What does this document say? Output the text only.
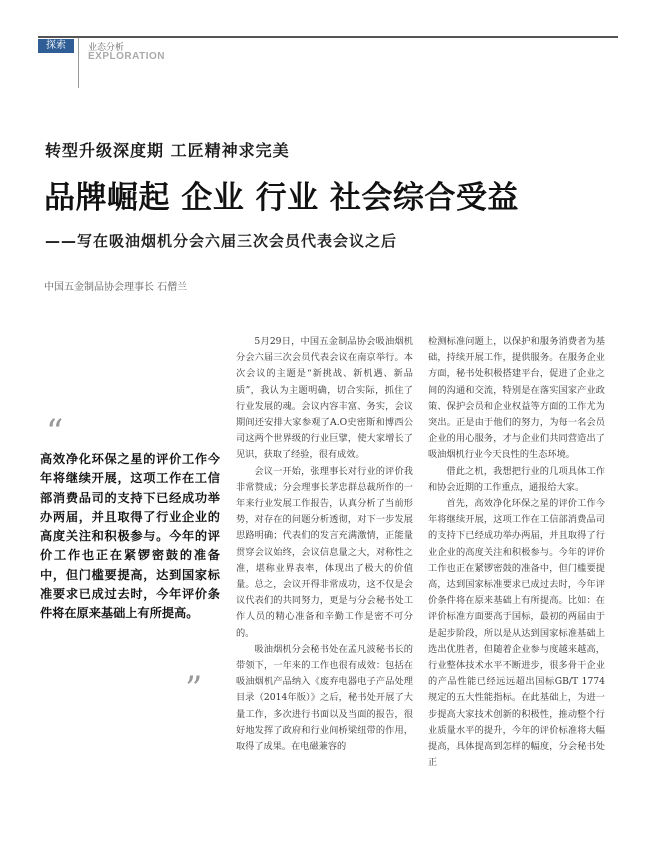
探索	业态分析
EXPLORATION
转型升级深度期 工匠精神求完美
品牌崛起 企业 行业 社会综合受益
——写在吸油烟机分会六届三次会员代表会议之后
中国五金制品协会理事长 石僧兰
“

高效净化环保之星的评价工作今年将继续开展，这项工作在工信部消费品司的支持下已经成功举办两届，并且取得了行业企业的高度关注和积极参与。今年的评价工作也正在紧锣密鼓的准备中，但门槛要提高，达到国家标准要求已成过去时，今年评价条件将在原来基础上有所提高。

”

5月29日，中国五金制品协会吸油烟机分会六届三次会员代表会议在南京举行。本次会议的主题是“新挑战、新机遇、新品质”，我认为主题明确，切合实际，抓住了行业发展的魂。会议内容丰富、务实，会议期间还安排大家参观了A.O史密斯和博西公司这两个世界级的行业巨擘，使大家增长了见识，获取了经验，很有成效。

会议一开始，张理事长对行业的评价我非常赞成；分会理事长茅忠群总裁所作的一年来行业发展工作报告，认真分析了当前形势，对存在的问题分析透彻，对下一步发展思路明确；代表们的发言充满激情，正能量贯穿会议始终，会议信息量之大，对称性之准，堪称业界表率，体现出了极大的价值量。总之，会议开得非常成功，这不仅是会议代表们的共同努力，更是与分会秘书处工作人员的精心准备和辛勤工作是密不可分的。

吸油烟机分会秘书处在孟凡波秘书长的带领下，一年来的工作也很有成效：包括在吸油烟机产品纳入《废弃电器电子产品处理目录（2014年版）》之后，秘书处开展了大量工作，多次进行书面以及当面的报告，很好地发挥了政府和行业间桥梁纽带的作用，取得了成果。在电磁兼容的

检测标准问题上，以保护和服务消费者为基础，持续开展工作，提供服务。在服务企业方面，秘书处积极搭建平台，促进了企业之间的沟通和交流，特别是在落实国家产业政策、保护会员和企业权益等方面的工作尤为突出。正是由于他们的努力，为每一名会员企业的用心服务，才与企业们共同营造出了吸油烟机行业今天良性的生态环境。

借此之机，我想把行业的几项具体工作和协会近期的工作重点，通报给大家。

首先，高效净化环保之星的评价工作今年将继续开展，这项工作在工信部消费品司的支持下已经成功举办两届，并且取得了行业企业的高度关注和积极参与。今年的评价工作也正在紧锣密鼓的准备中，但门槛要提高，达到国家标准要求已成过去时，今年评价条件将在原来基础上有所提高。比如：在评价标准方面要高于国标，最初的两届由于是起步阶段，所以是从达到国家标准基础上选出优胜者，但随着企业参与度越来越高，行业整体技术水平不断进步，很多骨干企业的产品性能已经远远超出国标GB/T 1774规定的五大性能指标。在此基础上，为进一步提高大家技术创新的积极性，推动整个行业质量水平的提升，今年的评价标准将大幅提高，具体提高到怎样的幅度，分会秘书处正
